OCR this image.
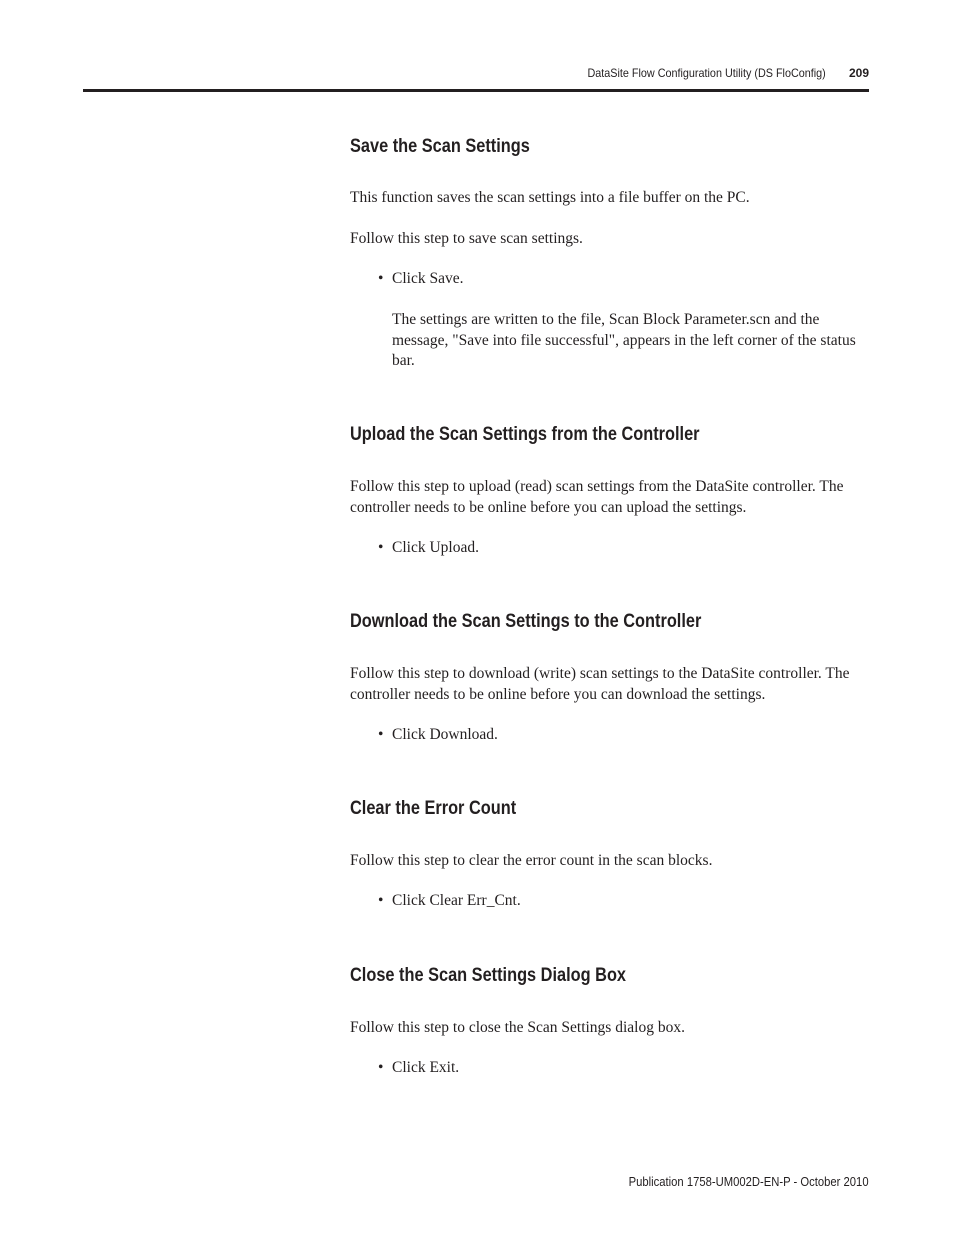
DataSite Flow Configuration Utility (DS FloConfig) 209
Save the Scan Settings

This function saves the scan settings into a file buffer on the PC.

Follow this step to save scan settings.

• Click Save.

The settings are written to the file, Scan Block Parameter.scn and the message, "Save into file successful", appears in the left corner of the status bar.

Upload the Scan Settings from the Controller

Follow this step to upload (read) scan settings from the DataSite controller. The controller needs to be online before you can upload the settings.

• Click Upload.

Download the Scan Settings to the Controller

Follow this step to download (write) scan settings to the DataSite controller. The controller needs to be online before you can download the settings.

• Click Download.

Clear the Error Count

Follow this step to clear the error count in the scan blocks.

• Click Clear Err_Cnt.

Close the Scan Settings Dialog Box

Follow this step to close the Scan Settings dialog box.

• Click Exit.

Publication 1758-UM002D-EN-P - October 2010
